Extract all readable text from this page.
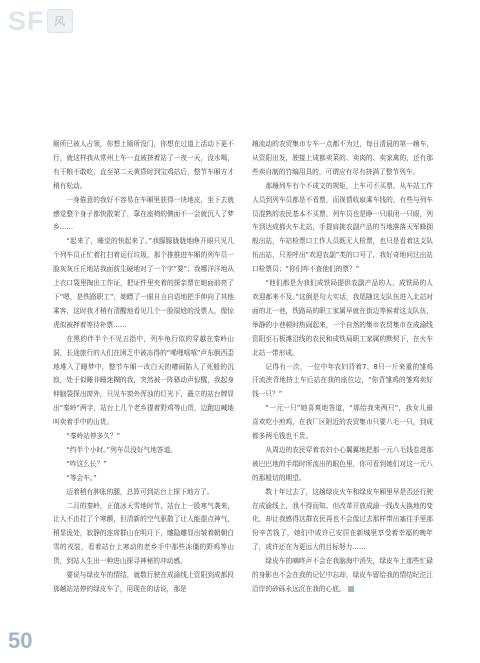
SF 风

厕所已被人占领，你想上厕所没门，你想在过道上活动下更不行，就这样我从常州上车一直被挤着站了一夜一天，没水喝，有干粮不敢吃，直至第二天黄昏时到宝鸡站后，整节车厢方才稍有松动。

一身倦意的我好不容易在车厢里获得一块地皮，坐下去就感觉整个身子都快散架了，靠在座椅的侧面不一会就沉入了梦乡……

“起来了，睡觉的快起来了。”我朦朦胧胧地睁开眼只见几个列车员正忙着打扫着运行垃圾，那个推推进车厢的列车员一脸灰灰丘丘地站我面前生硬地对了一个字“要”；我哪洋洋地从上衣口袋里掏出工作证，把证件里夹着的探亲票在她面前亮了下“嗯，是铁路职工”，她瞟了一眼自言自语地把手伸向了其他乘客，这时我才稍有清醒地看见几个一脸瑞尬的没票人，像惊虎似被押着等待补票……

在黑的伴半个不见五指中，列车龟行似的穿越在秦岭山洞，长途旅行的人们在困乏中被冻得的“唏哩嘻嘻”声东倒西歪地堆入了睡梦中，整节车厢一改白天的嘈闹陷入了死般的沉寂，处于似睡非睡迷糊的我，突然被一阵骚动声惊醒，我起身伸脑袋探出窗外，只见车窗外浑浊的灯光下，矗立的站台牌显出“秦岭”两字，站台上几个老乡提着野鸡等山货，边跑边喊地叫卖着手中的山货。

“秦岭站停多久？”

“约半个小时。”列车员没好气地答道。

“咋这么长？”

“等会车。”

迈着稍有肿胀的腿，总算可到站台上探下地方了。

二月的秦岭，正值冰天雪地时节，站台上一股寒气袭来，让人不由打了个寒颤，但清新的空气驱散了让人能提点神气，稍显诡处，寂静的连席群山在明月下，雕隐雕显出皱着朝朝白雪的戎装，看着站台上寒动的老乡手中那些冻僵的野鸡等山货，到站人生出一种进山探寻神秘的冲动感。

要说与绿皮车的情结，就数行驶在成渝线上资阳到成都段那趟站站停的绿皮车了，用现在的话说，那是

趟流动的农贸集市专车一点都不为过，每日清晨的第一趟车，从资阳出发，驶接上成都卖菜的、卖肉的、卖家禽的，还有那些卖自制的竹编用具的，可谓应有尽有挤满了整节列车。

那趟列车有个不成文的规矩，上车可不买票，从车站工作人员到列车员都是不看票，而视情收取乘车钱的，有些与列车员混熟的农民基本不买票，列车员也是睁一只眼闭一只眼，列车到达成都火车北站，手提肩挑农副产品的当地落落天军蜂拥般出站，车站检票口工作人员既无人检票，也只是看着这支队伍出站，只差呼出“欢迎农副”类的口号了，我好奇地问过出站口检票员；“你们咋不查他们的票？”

“他们都是为我们成铁局提供农副产品的人，成铁局的人欢迎都来不及。”这倒是句大实话，我尾随这支队伍进入北站对面的北一巷，铁路局的职工家属早就在街边等候着这支队伍，举静的小巷顿时热闹起来，一个自然的集市农贸集市在成渝线资阳至石板滩沿线的农民和成铁局职工家属的默契下，在火车北站一带形成。

记得有一次，一位中年农妇背着7、8只一斤来重的雏鸡汗流浃背地挤上车后站在我的座位边，“你背雏鸡的雏鸡卖好钱一只？”

“一元一只”她喜爽地答道，“那给我来两只”，我女儿最喜欢吃小煎鸡，在我厂区附近的农贸集市只要八毛一只，到成都多两毛钱也不贵。

从周边的农民穿着农妇小心翼翼地把那一元八毛钱卷进那被巴巴地的手绢时所流出的眼色里，你可看到她们对这一元八的那般切的期望。

数十年过去了，这趟绿皮火车和绿皮车厢里早是否还行驶在成渝线上，我不得而知。但改革开放成渝一线改天换地的变化，却让我感得这群农民再也不会像过去那样带出塞往手里那份辛苦钱了，她们中或许已安居在新城里享受着幸福的晚年了，或许还在为更远大的目标努力……

绿皮车的嘀咚声不会在我脑海中消失，绿皮车上那些忙碌的身影也不会在我的记忆中忘却，绿皮车留给我的情结纪沱江沿岸的砂砾永远沉在我的心底。

50
